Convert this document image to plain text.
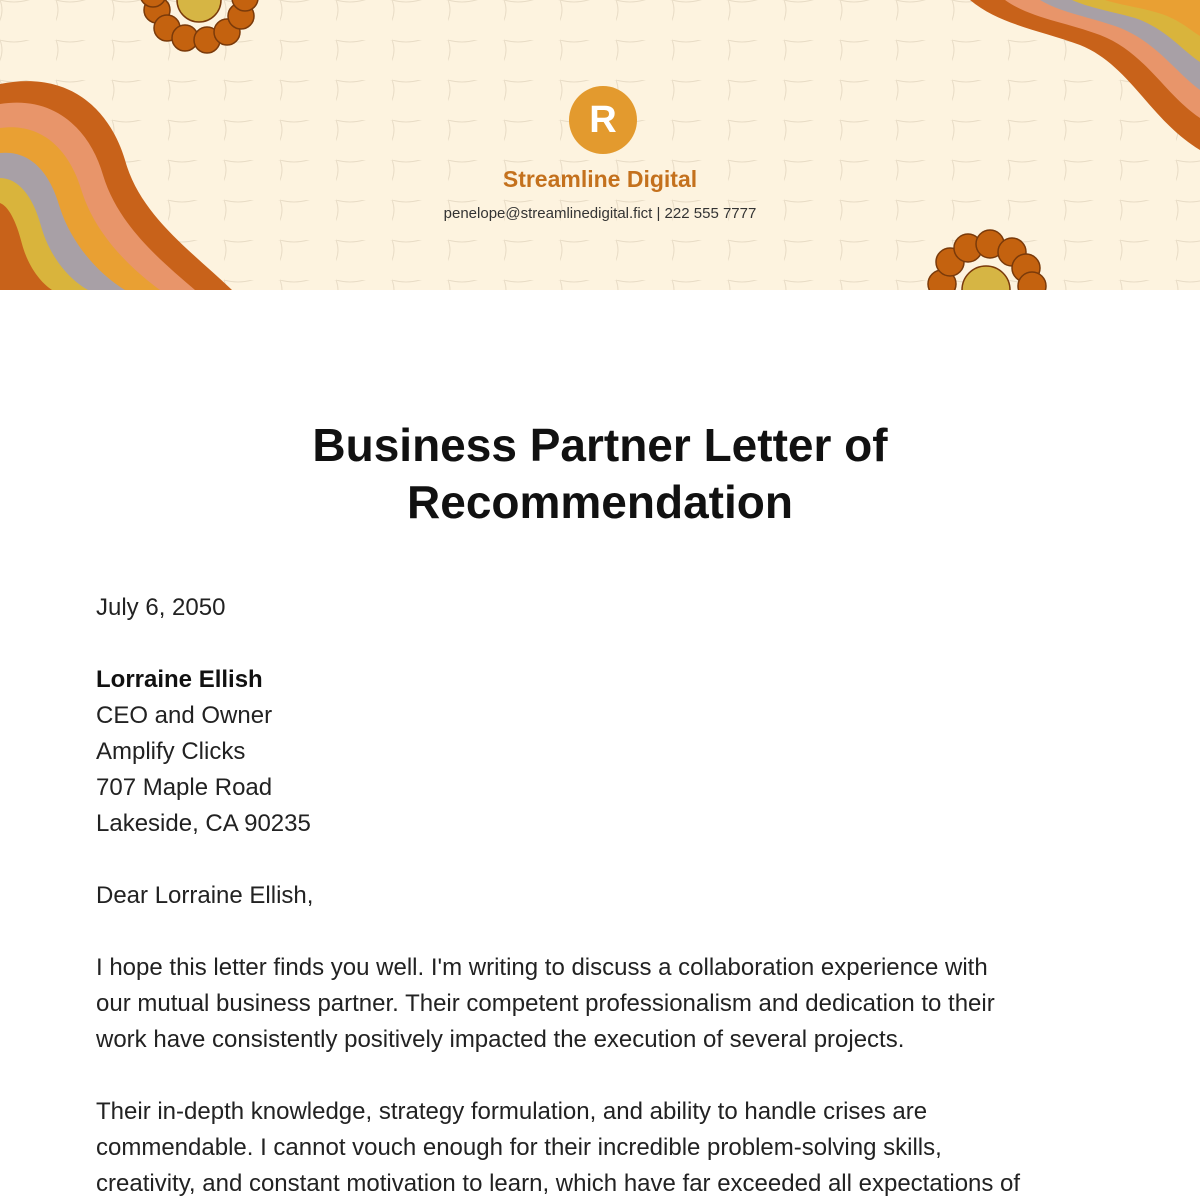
R
Streamline Digital
penelope@streamlinedigital.fict | 222 555 7777
Business Partner Letter of
Recommendation

July 6, 2050

Lorraine Ellish

CEO and Owner

Amplify Clicks

707 Maple Road

Lakeside, CA 90235

Dear Lorraine Ellish,

I hope this letter finds you well. I'm writing to discuss a collaboration experience with

our mutual business partner. Their competent professionalism and dedication to their

work have consistently positively impacted the execution of several projects.

Their in-depth knowledge, strategy formulation, and ability to handle crises are

commendable. I cannot vouch enough for their incredible problem-solving skills,

creativity, and constant motivation to learn, which have far exceeded all expectations of
